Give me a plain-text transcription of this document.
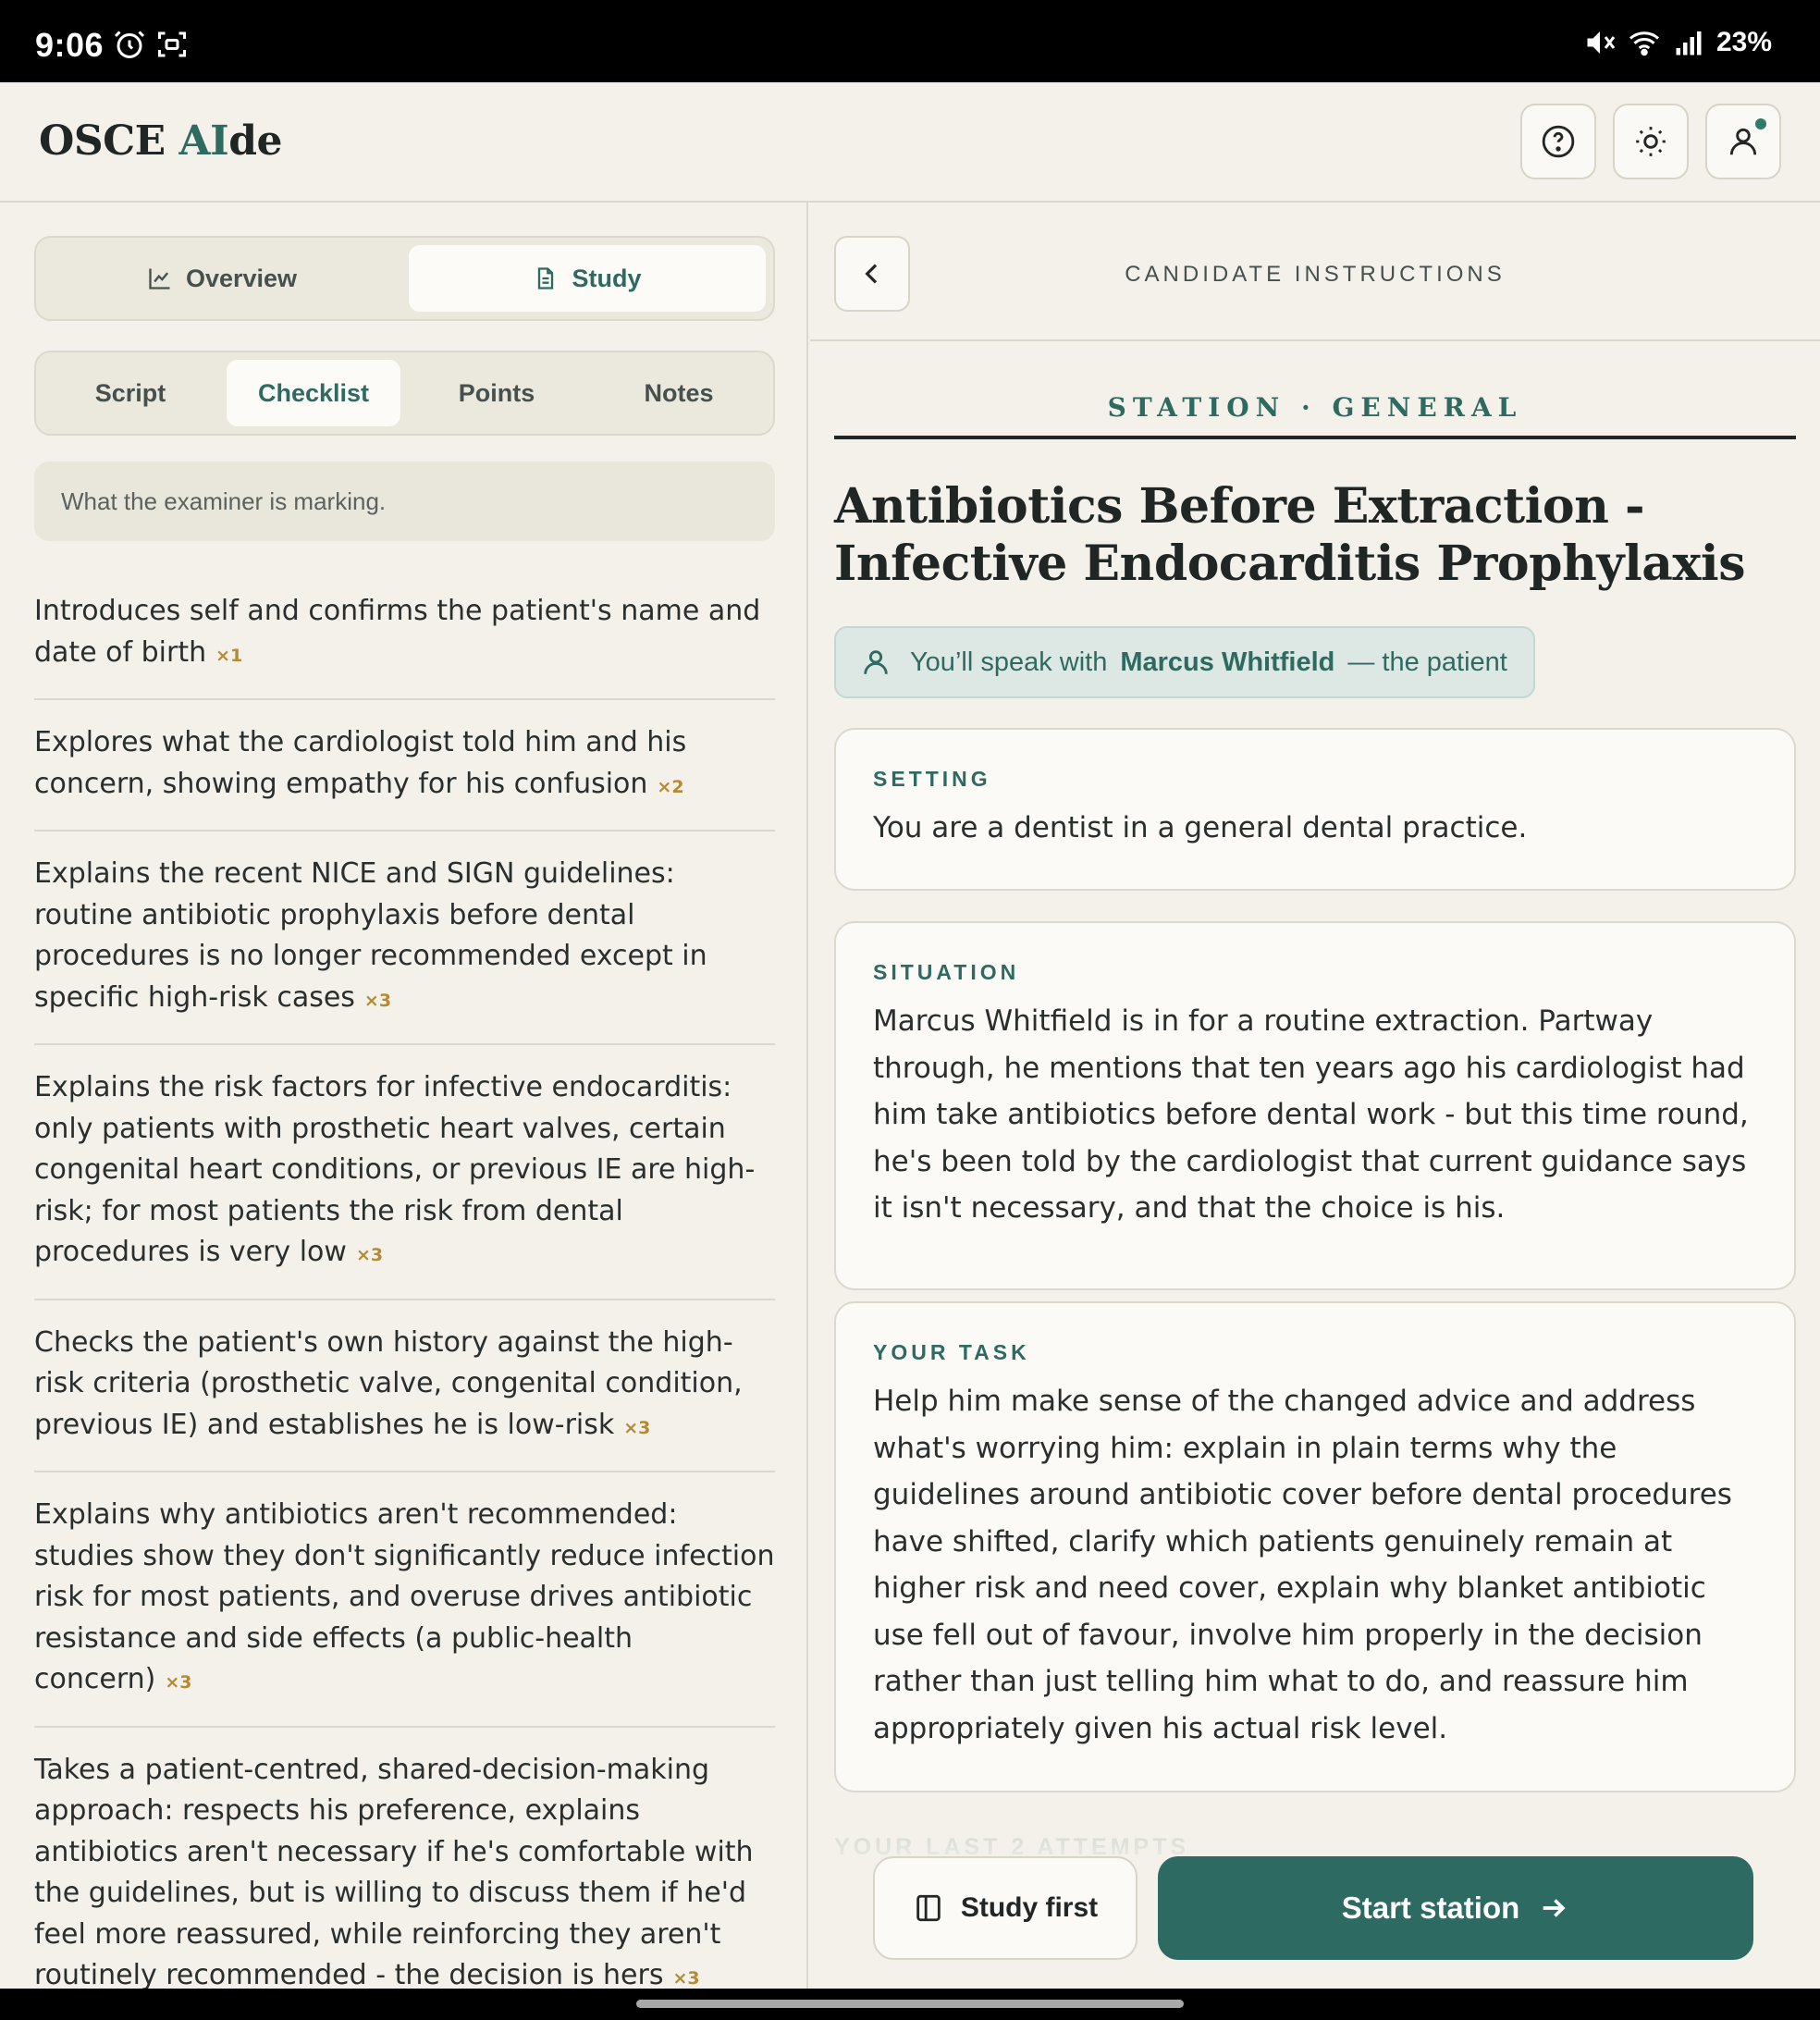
9:06	23%
OSCE AIde
Overview	Study
Script	Checklist	Points	Notes
What the examiner is marking.
Introduces self and confirms the patient's name and date of birth ×1
Explores what the cardiologist told him and his concern, showing empathy for his confusion ×2
Explains the recent NICE and SIGN guidelines: routine antibiotic prophylaxis before dental procedures is no longer recommended except in specific high-risk cases ×3
Explains the risk factors for infective endocarditis: only patients with prosthetic heart valves, certain congenital heart conditions, or previous IE are high-risk; for most patients the risk from dental procedures is very low ×3
Checks the patient's own history against the high-risk criteria (prosthetic valve, congenital condition, previous IE) and establishes he is low-risk ×3
Explains why antibiotics aren't recommended: studies show they don't significantly reduce infection risk for most patients, and overuse drives antibiotic resistance and side effects (a public-health concern) ×3
Takes a patient-centred, shared-decision-making approach: respects his preference, explains antibiotics aren't necessary if he's comfortable with the guidelines, but is willing to discuss them if he'd feel more reassured, while reinforcing they aren't routinely recommended - the decision is hers ×3
CANDIDATE INSTRUCTIONS
STATION · GENERAL
Antibiotics Before Extraction - Infective Endocarditis Prophylaxis
You’ll speak with Marcus Whitfield — the patient
SETTING
You are a dentist in a general dental practice.
SITUATION
Marcus Whitfield is in for a routine extraction. Partway through, he mentions that ten years ago his cardiologist had him take antibiotics before dental work - but this time round, he's been told by the cardiologist that current guidance says it isn't necessary, and that the choice is his.
YOUR TASK
Help him make sense of the changed advice and address what's worrying him: explain in plain terms why the guidelines around antibiotic cover before dental procedures have shifted, clarify which patients genuinely remain at higher risk and need cover, explain why blanket antibiotic use fell out of favour, involve him properly in the decision rather than just telling him what to do, and reassure him appropriately given his actual risk level.
Study first	Start station
